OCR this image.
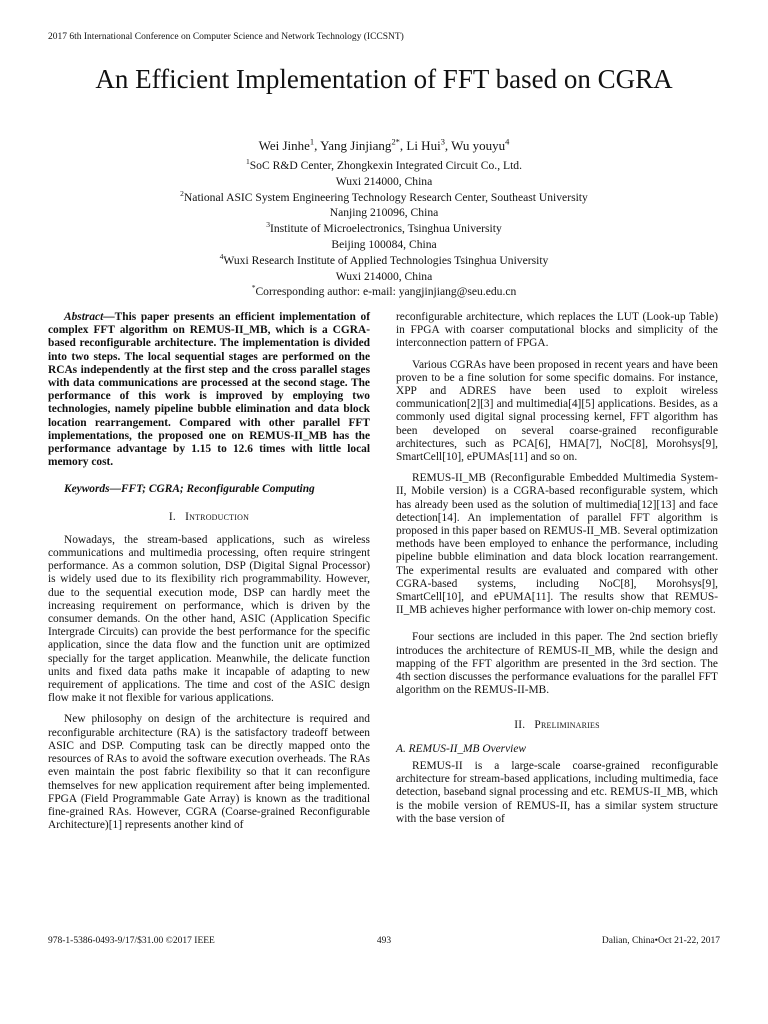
2017 6th International Conference on Computer Science and Network Technology (ICCSNT)
An Efficient Implementation of FFT based on CGRA
Wei Jinhe$^1$, Yang Jinjiang$^{2*}$, Li Hui$^3$, Wu youyu$^4$
$^1$SoC R&D Center, Zhongkexin Integrated Circuit Co., Ltd.
Wuxi 214000, China
$^2$National ASIC System Engineering Technology Research Center, Southeast University
Nanjing 210096, China
$^3$Institute of Microelectronics, Tsinghua University
Beijing 100084, China
$^4$Wuxi Research Institute of Applied Technologies Tsinghua University
Wuxi 214000, China
*Corresponding author: e-mail: yangjinjiang@seu.edu.cn

Abstract—This paper presents an efficient implementation of complex FFT algorithm on REMUS-II_MB, which is a CGRA-based reconfigurable architecture. The implementation is divided into two steps. The local sequential stages are performed on the RCAs independently at the first step and the cross parallel stages with data communications are processed at the second stage. The performance of this work is improved by employing two technologies, namely pipeline bubble elimination and data block location rearrangement. Compared with other parallel FFT implementations, the proposed one on REMUS-II_MB has the performance advantage by 1.15 to 12.6 times with little local memory cost.

Keywords—FFT; CGRA; Reconfigurable Computing

I. Introduction

Nowadays, the stream-based applications, such as wireless communications and multimedia processing, often require stringent performance. As a common solution, DSP (Digital Signal Processor) is widely used due to its flexibility rich programmability. However, due to the sequential execution mode, DSP can hardly meet the increasing requirement on performance, which is driven by the consumer demands. On the other hand, ASIC (Application Specific Intergrade Circuits) can provide the best performance for the specific application, since the data flow and the function unit are optimized specially for the target application. Meanwhile, the delicate function units and fixed data paths make it incapable of adapting to new requirement of applications. The time and cost of the ASIC design flow make it not flexible for various applications.

New philosophy on design of the architecture is required and reconfigurable architecture (RA) is the satisfactory tradeoff between ASIC and DSP. Computing task can be directly mapped onto the resources of RAs to avoid the software execution overheads. The RAs even maintain the post fabric flexibility so that it can reconfigure themselves for new application requirement after being implemented. FPGA (Field Programmable Gate Array) is known as the traditional fine-grained RAs. However, CGRA (Coarse-grained Reconfigurable Architecture)[1] represents another kind of

reconfigurable architecture, which replaces the LUT (Look-up Table) in FPGA with coarser computational blocks and simplicity of the interconnection pattern of FPGA.

Various CGRAs have been proposed in recent years and have been proven to be a fine solution for some specific domains. For instance, XPP and ADRES have been used to exploit wireless communication[2][3] and multimedia[4][5] applications. Besides, as a commonly used digital signal processing kernel, FFT algorithm has been developed on several coarse-grained reconfigurable architectures, such as PCA[6], HMA[7], NoC[8], Morohsys[9], SmartCell[10], ePUMAs[11] and so on.

REMUS-II_MB (Reconfigurable Embedded Multimedia System-II, Mobile version) is a CGRA-based reconfigurable system, which has already been used as the solution of multimedia[12][13] and face detection[14]. An implementation of parallel FFT algorithm is proposed in this paper based on REMUS-II_MB. Several optimization methods have been employed to enhance the performance, including pipeline bubble elimination and data block location rearrangement. The experimental results are evaluated and compared with other CGRA-based systems, including NoC[8], Morohsys[9], SmartCell[10], and ePUMA[11]. The results show that REMUS-II_MB achieves higher performance with lower on-chip memory cost.

Four sections are included in this paper. The 2nd section briefly introduces the architecture of REMUS-II_MB, while the design and mapping of the FFT algorithm are presented in the 3rd section. The 4th section discusses the performance evaluations for the parallel FFT algorithm on the REMUS-II-MB.

II. Preliminaries
A. REMUS-II_MB Overview

REMUS-II is a large-scale coarse-grained reconfigurable architecture for stream-based applications, including multimedia, face detection, baseband signal processing and etc. REMUS-II_MB, which is the mobile version of REMUS-II, has a similar system structure with the base version of

978-1-5386-0493-9/17/$31.00 ©2017 IEEE	493	Dalian, China•Oct 21-22, 2017
